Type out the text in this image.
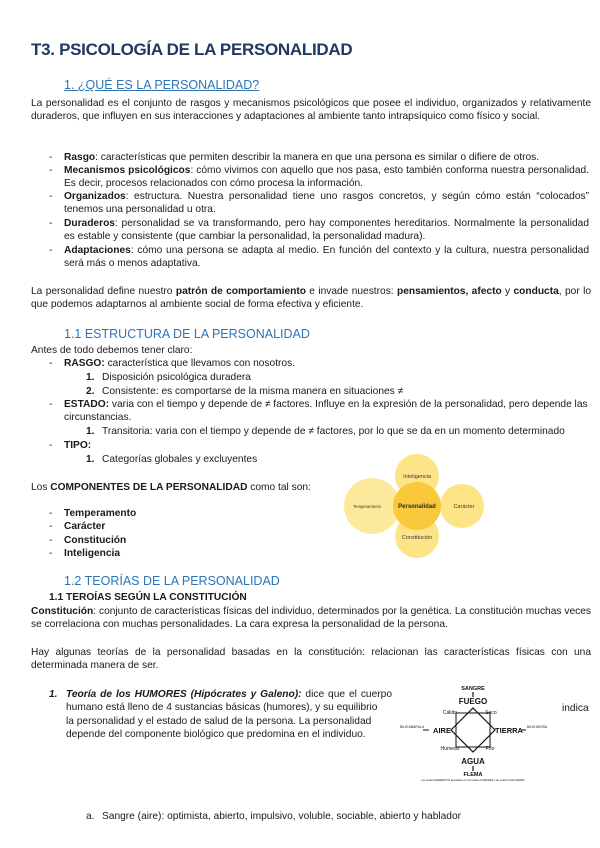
T3. PSICOLOGÍA DE LA PERSONALIDAD
1. ¿QUÉ ES LA PERSONALIDAD?
La personalidad es el conjunto de rasgos y mecanismos psicológicos que posee el individuo, organizados y relativamente duraderos, que influyen en sus interacciones y adaptaciones al ambiente tanto intrapsíquico como físico y social.
- Rasgo: características que permiten describir la manera en que una persona es similar o difiere de otros.
- Mecanismos psicológicos: cómo vivimos con aquello que nos pasa, esto también conforma nuestra personalidad. Es decir, procesos relacionados con cómo procesa la información.
- Organizados: estructura. Nuestra personalidad tiene uno rasgos concretos, y según cómo están “colocados” tenemos una personalidad u otra.
- Duraderos: personalidad se va transformando, pero hay componentes hereditarios. Normalmente la personalidad es estable y consistente (que cambiar la personalidad, la personalidad madura).
- Adaptaciones: cómo una persona se adapta al medio. En función del contexto y la cultura, nuestra personalidad será más o menos adaptativa.
La personalidad define nuestro patrón de comportamiento e invade nuestros: pensamientos, afecto y conducta, por lo que podemos adaptarnos al ambiente social de forma efectiva y eficiente.
1.1 ESTRUCTURA DE LA PERSONALIDAD
Antes de todo debemos tener claro:
- RASGO: característica que llevamos con nosotros.
1. Disposición psicológica duradera
2. Consistente: es comportarse de la misma manera en situaciones ≠
- ESTADO: varia con el tiempo y depende de ≠ factores. Influye en la expresión de la personalidad, pero depende las circunstancias.
1. Transitoria: varia con el tiempo y depende de ≠ factores, por lo que se da en un momento determinado
- TIPO:
1. Categorías globales y excluyentes
Los COMPONENTES DE LA PERSONALIDAD como tal son:
- Temperamento
- Carácter
- Constitución
- Inteligencia
Inteligencia
Temperamento	Carácter
Constitución
Personalidad
1.2 TEORÍAS DE LA PERSONALIDAD
1.1 TEROÍAS SEGÚN LA CONSTITUCIÓN
Constitución: conjunto de características físicas del individuo, determinados por la genética. La constitución muchas veces se correlaciona con muchas personalidades. La cara expresa la personalidad de la persona.
Hay algunas teorías de la personalidad basadas en la constitución: relacionan las características físicas con una determinada manera de ser.
1. Teoría de los HUMORES (Hipócrates y Galeno): dice que el cuerpo humano está lleno de 4 sustancias básicas (humores), y su equilibrio	indica
la personalidad y el estado de salud de la persona. La personalidad depende del componente biológico que predomina en el individuo.
SANGRE
FUEGO
Cálido	Seco
BILIS AMARILLA AIRE	TIERRA BILIS NEGRA
Húmedo	Frío
AGUA
FLEMA
Los cuatro ELEMENTOS asociados con los cuatro HUMORES y las cuatro CUALIDADES
a. Sangre (aire): optimista, abierto, impulsivo, voluble, sociable, abierto y hablador
